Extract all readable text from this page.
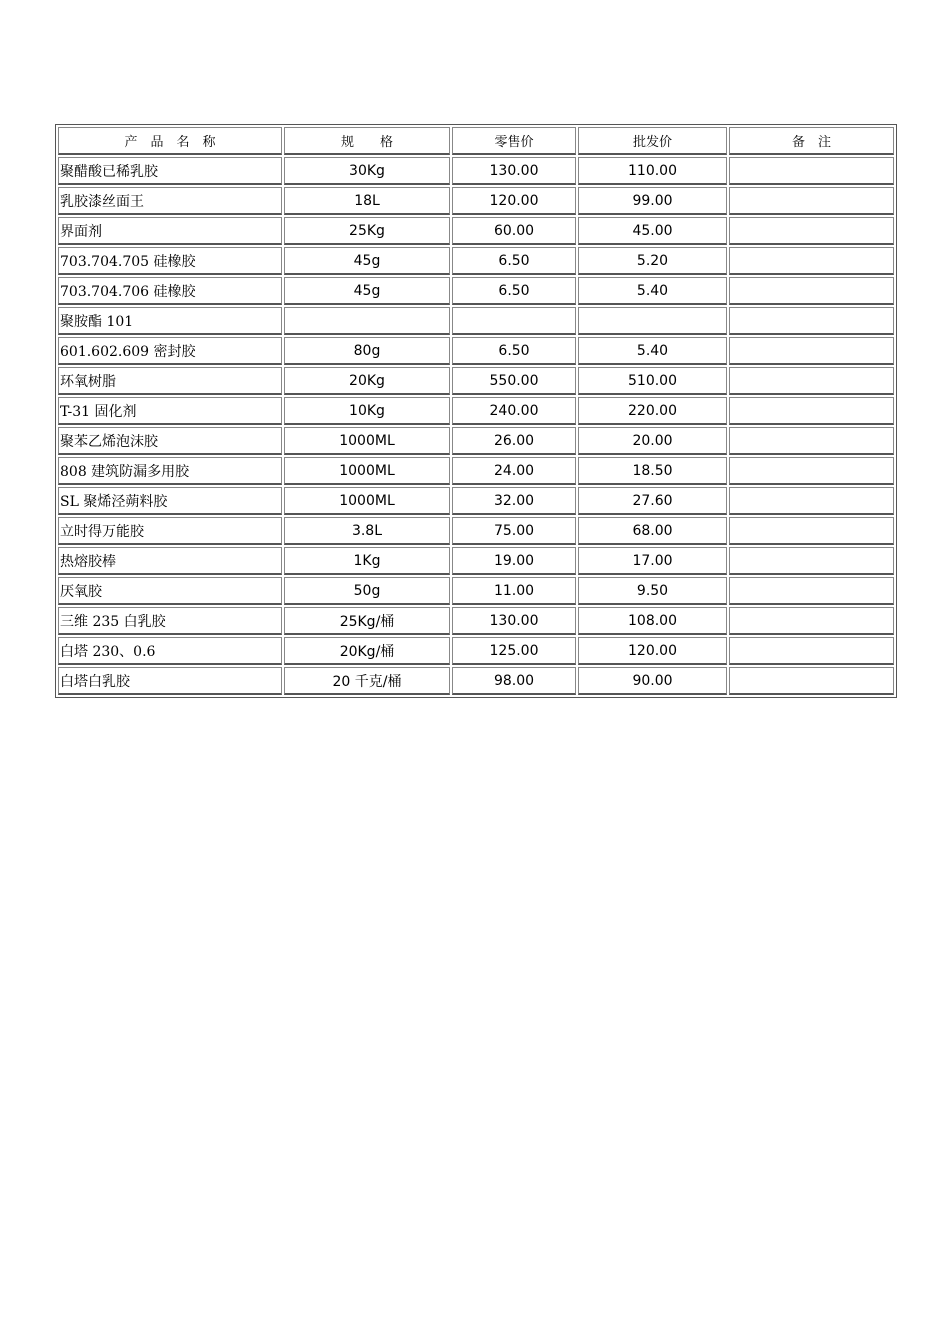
产　品　名　称	规　　格	零售价	批发价	备　注
聚醋酸已稀乳胶	30Kg	130.00	110.00	
乳胶漆丝面王	18L	120.00	99.00	
界面剂	25Kg	60.00	45.00	
703.704.705 硅橡胶	45g	6.50	5.20	
703.704.706 硅橡胶	45g	6.50	5.40	
聚胺酯 101				
601.602.609 密封胶	80g	6.50	5.40	
环氧树脂	20Kg	550.00	510.00	
T-31 固化剂	10Kg	240.00	220.00	
聚苯乙烯泡沫胶	1000ML	26.00	20.00	
808 建筑防漏多用胶	1000ML	24.00	18.50	
SL 聚烯泾蒴料胶	1000ML	32.00	27.60	
立时得万能胶	3.8L	75.00	68.00	
热熔胶棒	1Kg	19.00	17.00	
厌氧胶	50g	11.00	9.50	
三维 235 白乳胶	25Kg/桶	130.00	108.00	
白塔 230、0.6	20Kg/桶	125.00	120.00	
白塔白乳胶	20 千克/桶	98.00	90.00	
